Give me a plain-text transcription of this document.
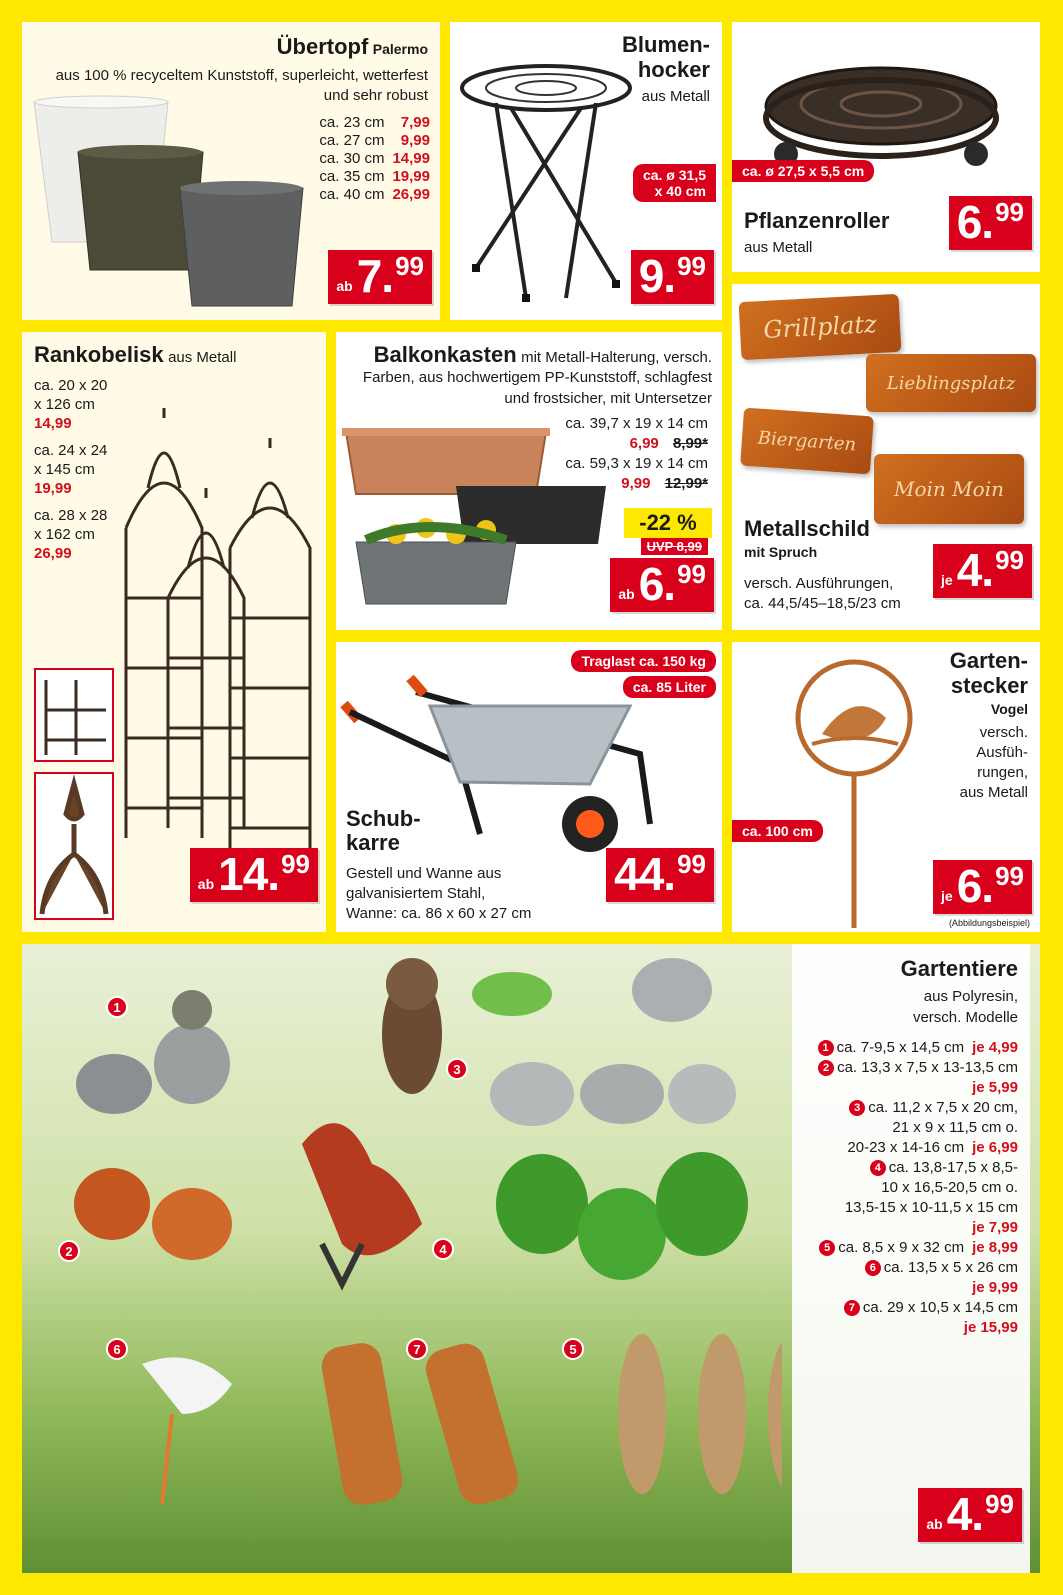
Übertopf Palermo
aus 100 % recyceltem Kunststoff, superleicht, wetterfest und sehr robust
ca. 23 cm	7,99
ca. 27 cm	9,99
ca. 30 cm	14,99
ca. 35 cm	19,99
ca. 40 cm	26,99
ab 7 . 99
Blumen-
hocker
aus Metall
ca. ø 31,5
x 40 cm
9 . 99
ca. ø 27,5 x 5,5 cm
Pflanzenroller
aus Metall	6 . 99
Rankobelisk aus Metall
ca. 20 x 20
x 126 cm
14,99
ca. 24 x 24
x 145 cm
19,99
ca. 28 x 28
x 162 cm
26,99
ab 14 . 99
Balkonkasten mit Metall-Halterung, versch.
Farben, aus hochwertigem PP-Kunststoff, schlagfest
und frostsicher, mit Untersetzer
ca. 39,7 x 19 x 14 cm
6,99 8,99*
ca. 59,3 x 19 x 14 cm
9,99 12,99*
-22 %
UVP 8,99
ab 6 . 99
Grillplatz
Lieblingsplatz
Biergarten
Moin Moin
Metallschild
mit Spruch
versch. Ausführungen,
ca. 44,5/45–18,5/23 cm
je 4 . 99
Traglast ca. 150 kg
ca. 85 Liter
Schub-
karre
Gestell und Wanne aus
galvanisiertem Stahl,
Wanne: ca. 86 x 60 x 27 cm
44 . 99
Garten-
stecker
Vogel
versch.
Ausfüh-
rungen,
aus Metall
ca. 100 cm
je 6 . 99
(Abbildungsbeispiel)
1
2
3
4
5
6	7
Gartentiere
aus Polyresin,
versch. Modelle
1 ca. 7-9,5 x 14,5 cm je 4,99
2 ca. 13,3 x 7,5 x 13-13,5 cm
je 5,99
3 ca. 11,2 x 7,5 x 20 cm,
21 x 9 x 11,5 cm o.
20-23 x 14-16 cm je 6,99
4 ca. 13,8-17,5 x 8,5-
10 x 16,5-20,5 cm o.
13,5-15 x 10-11,5 x 15 cm
je 7,99
5 ca. 8,5 x 9 x 32 cm je 8,99
6 ca. 13,5 x 5 x 26 cm
je 9,99
7 ca. 29 x 10,5 x 14,5 cm
je 15,99
ab 4 . 99
